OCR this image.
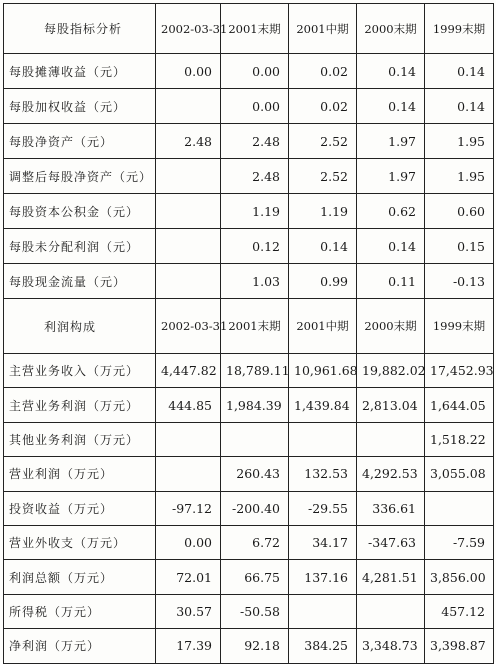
每股指标分析	2002-03-31	2001末期	2001中期	2000末期	1999末期
每股摊薄收益（元）	0.00	0.00	0.02	0.14	0.14
每股加权收益（元）		0.00	0.02	0.14	0.14
每股净资产（元）	2.48	2.48	2.52	1.97	1.95
调整后每股净资产（元）		2.48	2.52	1.97	1.95
每股资本公积金（元）		1.19	1.19	0.62	0.60
每股未分配利润（元）		0.12	0.14	0.14	0.15
每股现金流量（元）		1.03	0.99	0.11	-0.13
利润构成	2002-03-31	2001末期	2001中期	2000末期	1999末期
主营业务收入（万元）	4,447.82	18,789.11	10,961.68	19,882.02	17,452.93
主营业务利润（万元）	444.85	1,984.39	1,439.84	2,813.04	1,644.05
其他业务利润（万元）					1,518.22
营业利润（万元）		260.43	132.53	4,292.53	3,055.08
投资收益（万元）	-97.12	-200.40	-29.55	336.61	
营业外收支（万元）	0.00	6.72	34.17	-347.63	-7.59
利润总额（万元）	72.01	66.75	137.16	4,281.51	3,856.00
所得税（万元）	30.57	-50.58			457.12
净利润（万元）	17.39	92.18	384.25	3,348.73	3,398.87
